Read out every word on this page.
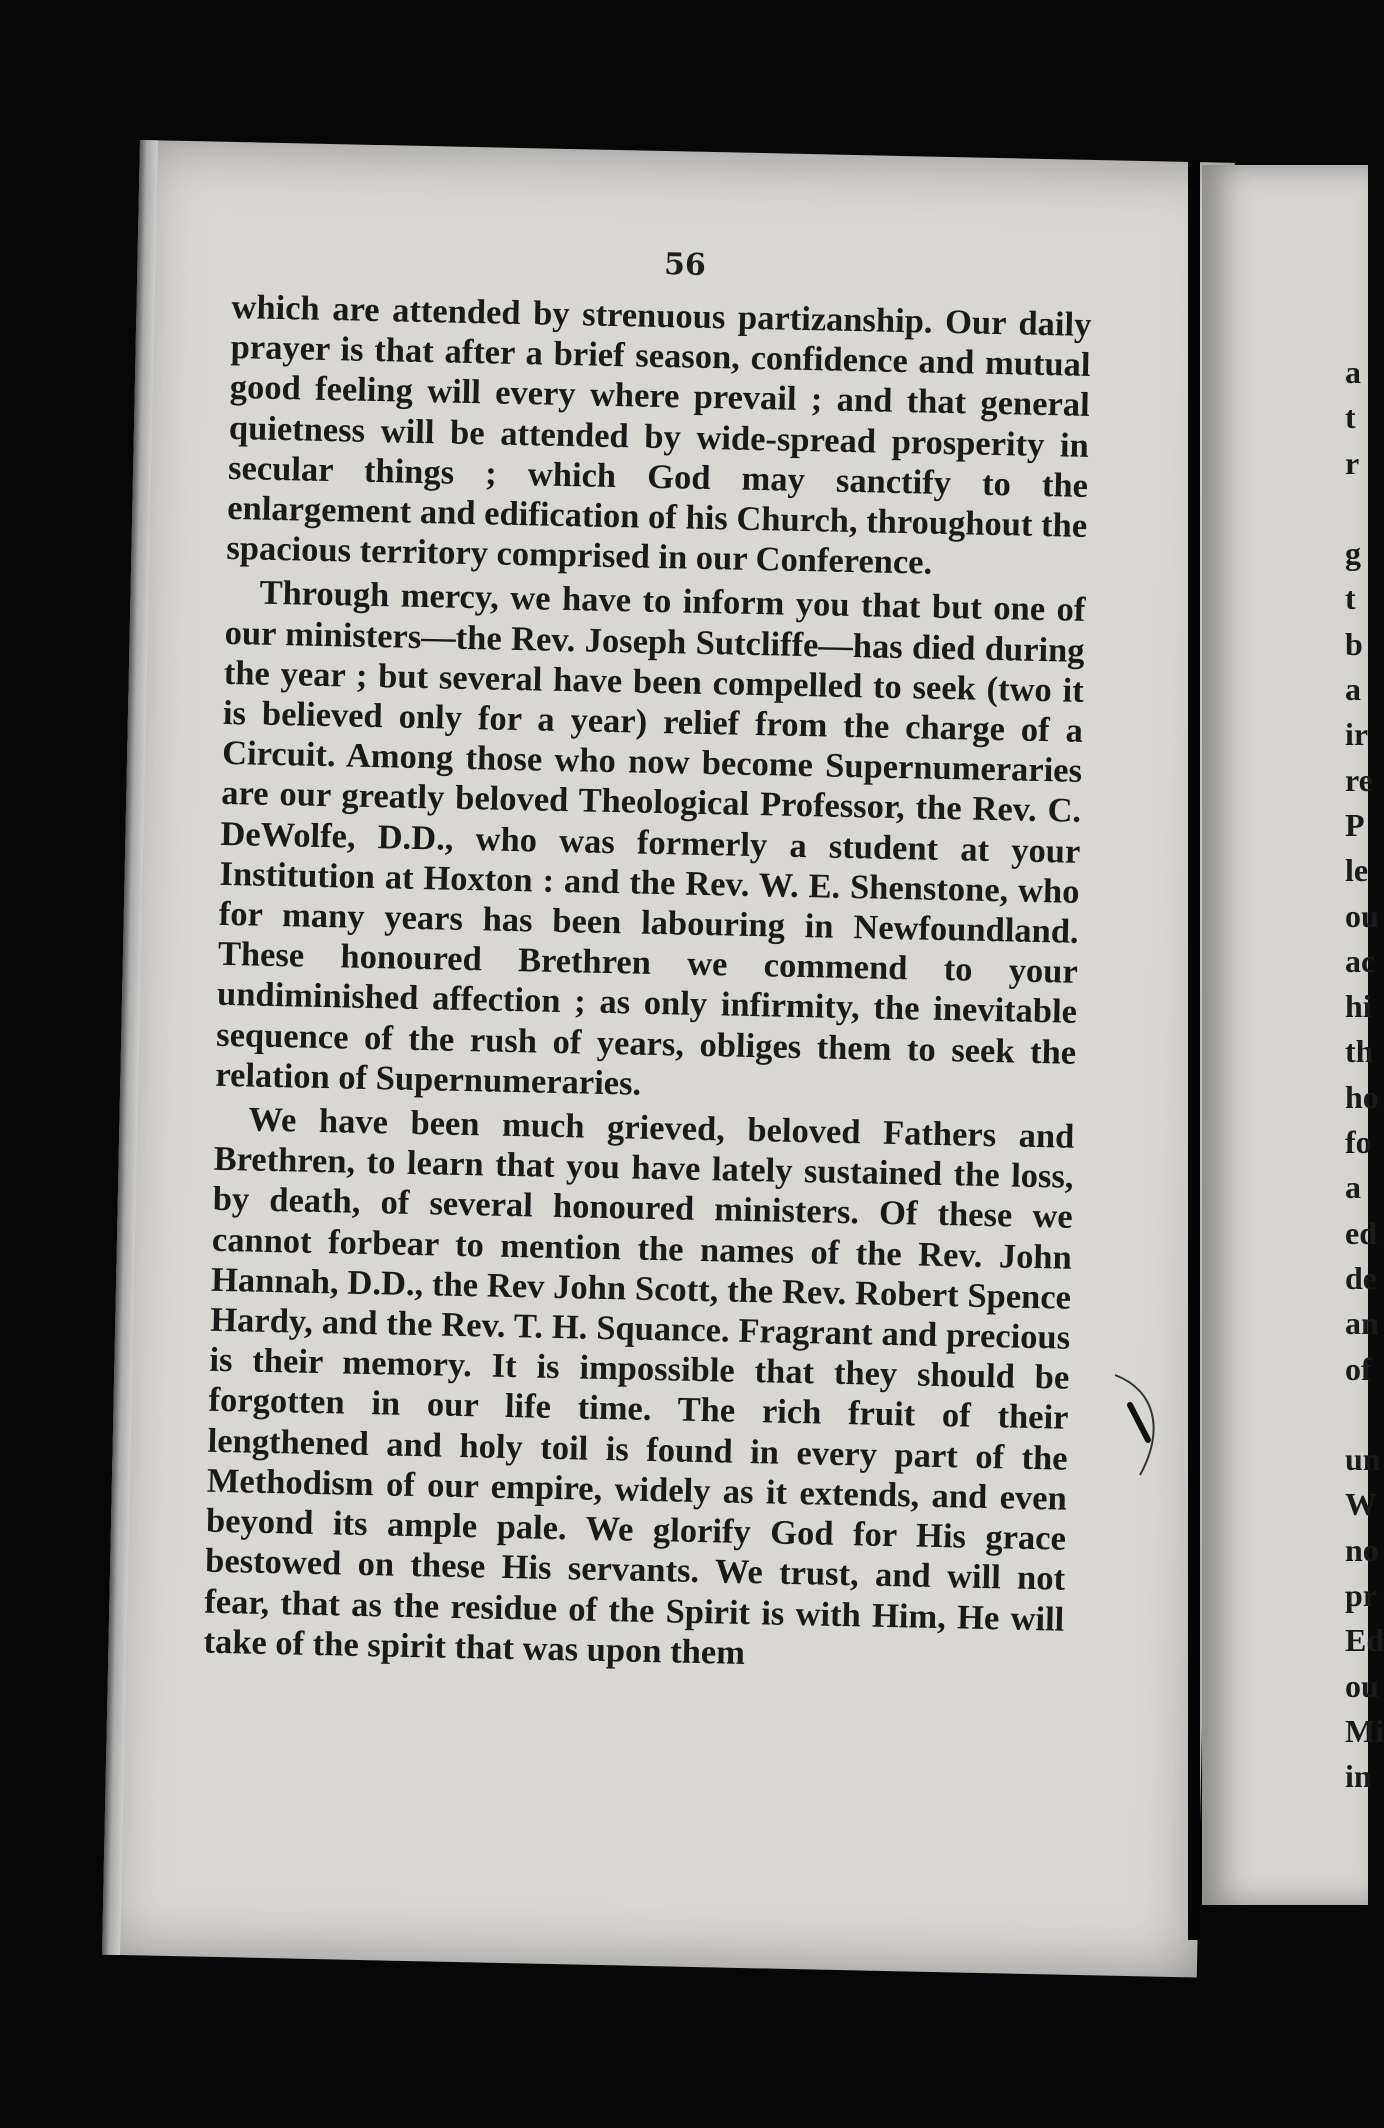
56

which are attended by strenuous partizanship. Our daily prayer is that after a brief season, confidence and mutual good feeling will every where prevail ; and that general quietness will be attended by wide-spread prosperity in secular things ; which God may sanctify to the enlargement and edification of his Church, throughout the spacious territory comprised in our Conference.

Through mercy, we have to inform you that but one of our ministers—the Rev. Joseph Sutcliffe—has died during the year ; but several have been compelled to seek (two it is believed only for a year) relief from the charge of a Circuit. Among those who now become Supernumeraries are our greatly beloved Theological Professor, the Rev. C. DeWolfe, D.D., who was formerly a student at your Institution at Hoxton : and the Rev. W. E. Shenstone, who for many years has been labouring in Newfoundland. These honoured Brethren we commend to your undiminished affection ; as only infirmity, the inevitable sequence of the rush of years, obliges them to seek the relation of Supernumeraries.

We have been much grieved, beloved Fathers and Brethren, to learn that you have lately sustained the loss, by death, of several honoured ministers. Of these we cannot forbear to mention the names of the Rev. John Hannah, D.D., the Rev John Scott, the Rev. Robert Spence Hardy, and the Rev. T. H. Squance. Fragrant and precious is their memory. It is impossible that they should be forgotten in our life time. The rich fruit of their lengthened and holy toil is found in every part of the Methodism of our empire, widely as it extends, and even beyond its ample pale. We glorify God for His grace bestowed on these His servants. We trust, and will not fear, that as the residue of the Spirit is with Him, He will take of the spirit that was upon them

a
t
r
g
t
b
a
ir
re
P
le
ou
ac
hi
th
ho
fo
a
ed
de
an
of
un
W
no
pr
Ed
ou
Mi
in
